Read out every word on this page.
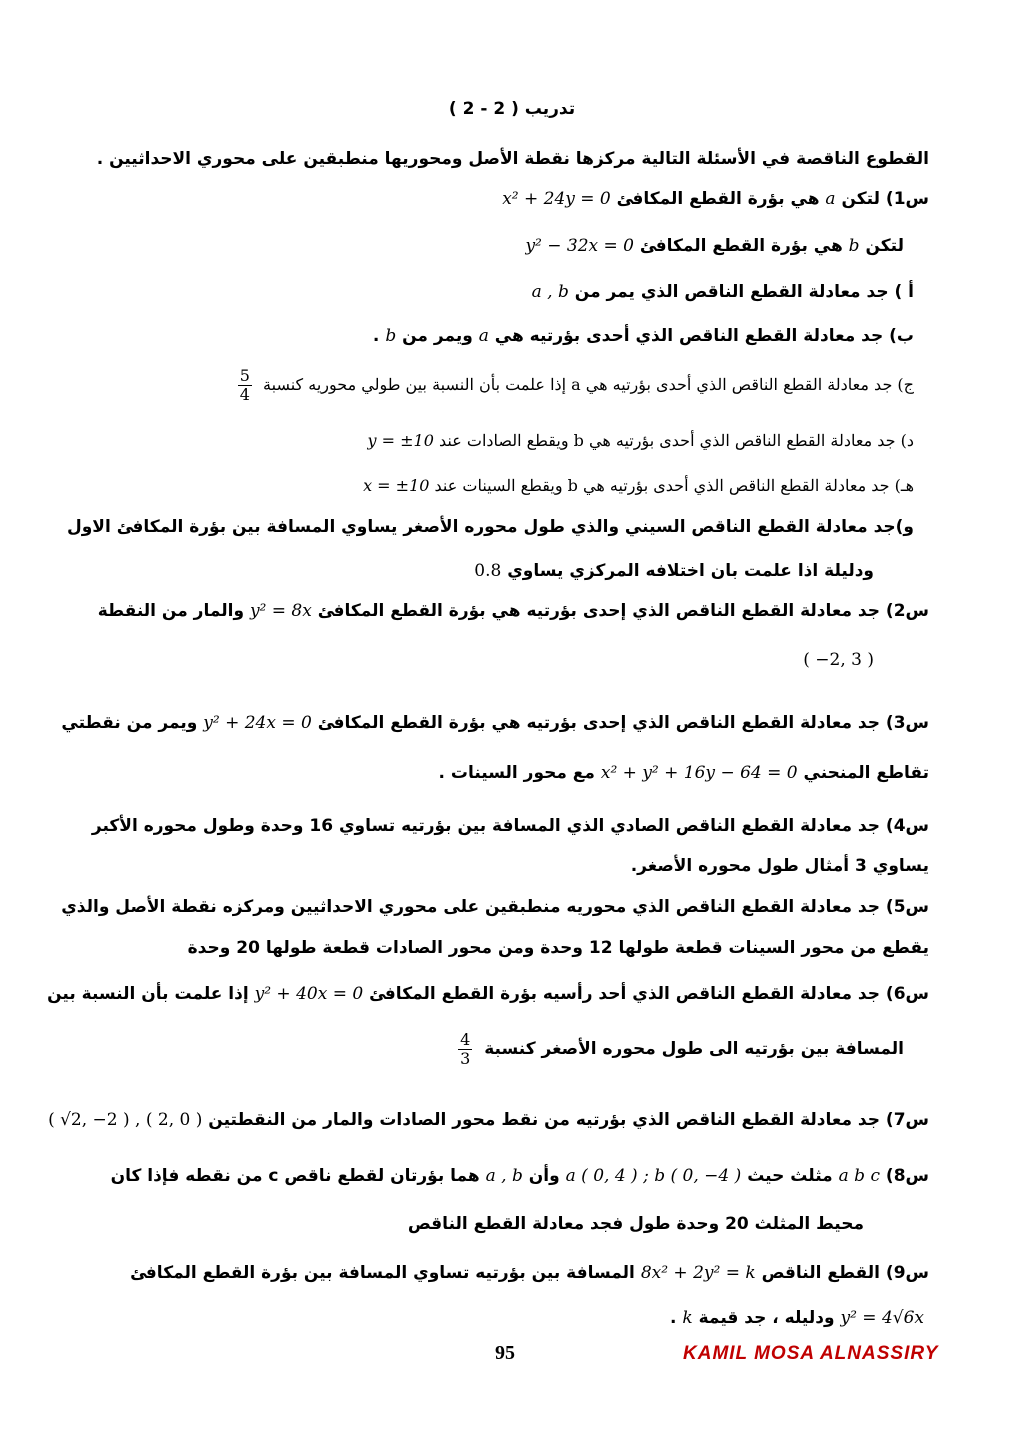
تدريب ( 2 - 2 )
القطوع الناقصة في الأسئلة التالية مركزها نقطة الأصل ومحوريها منطبقين على محوري الاحداثيين .
س1) لتكن a هي بؤرة القطع المكافئ x² + 24y = 0
لتكن b هي بؤرة القطع المكافئ y² − 32x = 0
أ ) جد معادلة القطع الناقص الذي يمر من a , b
ب) جد معادلة القطع الناقص الذي أحدى بؤرتيه هي a ويمر من b .
ج) جد معادلة القطع الناقص الذي أحدى بؤرتيه هي a إذا علمت بأن النسبة بين طولي محوريه كنسبة
$\frac{5}{4}$
د) جد معادلة القطع الناقص الذي أحدى بؤرتيه هي b ويقطع الصادات عند y = ±10
هـ) جد معادلة القطع الناقص الذي أحدى بؤرتيه هي b ويقطع السينات عند x = ±10
و)جد معادلة القطع الناقص السيني والذي طول محوره الأصغر يساوي المسافة بين بؤرة المكافئ الاول
ودليلة اذا علمت بان اختلافه المركزي يساوي 0.8
س2) جد معادلة القطع الناقص الذي إحدى بؤرتيه هي بؤرة القطع المكافئ y² = 8x والمار من النقطة
( −2, 3 )
س3) جد معادلة القطع الناقص الذي إحدى بؤرتيه هي بؤرة القطع المكافئ y² + 24x = 0 ويمر من نقطتي
تقاطع المنحني x² + y² + 16y − 64 = 0 مع محور السينات .
س4) جد معادلة القطع الناقص الصادي الذي المسافة بين بؤرتيه تساوي 16 وحدة وطول محوره الأكبر
يساوي 3 أمثال طول محوره الأصغر.
س5) جد معادلة القطع الناقص الذي محوريه منطبقين على محوري الاحداثيين ومركزه نقطة الأصل والذي
يقطع من محور السينات قطعة طولها 12 وحدة ومن محور الصادات قطعة طولها 20 وحدة
س6) جد معادلة القطع الناقص الذي أحد رأسيه بؤرة القطع المكافئ y² + 40x = 0 إذا علمت بأن النسبة بين
المسافة بين بؤرتيه الى طول محوره الأصغر كنسبة
$\frac{4}{3}$
س7) جد معادلة القطع الناقص الذي بؤرتيه من نقط محور الصادات والمار من النقطتين ( √2, −2 ) , ( 2, 0 )
س8) a b c مثلث حيث a ( 0, 4 ) ; b ( 0, −4 ) وأن a , b هما بؤرتان لقطع ناقص c من نقطه فإذا كان
محيط المثلث 20 وحدة طول فجد معادلة القطع الناقص
س9) القطع الناقص 8x² + 2y² = k المسافة بين بؤرتيه تساوي المسافة بين بؤرة القطع المكافئ
y² = 4√6x ودليله ، جد قيمة k .
95	KAMIL MOSA ALNASSIRY
